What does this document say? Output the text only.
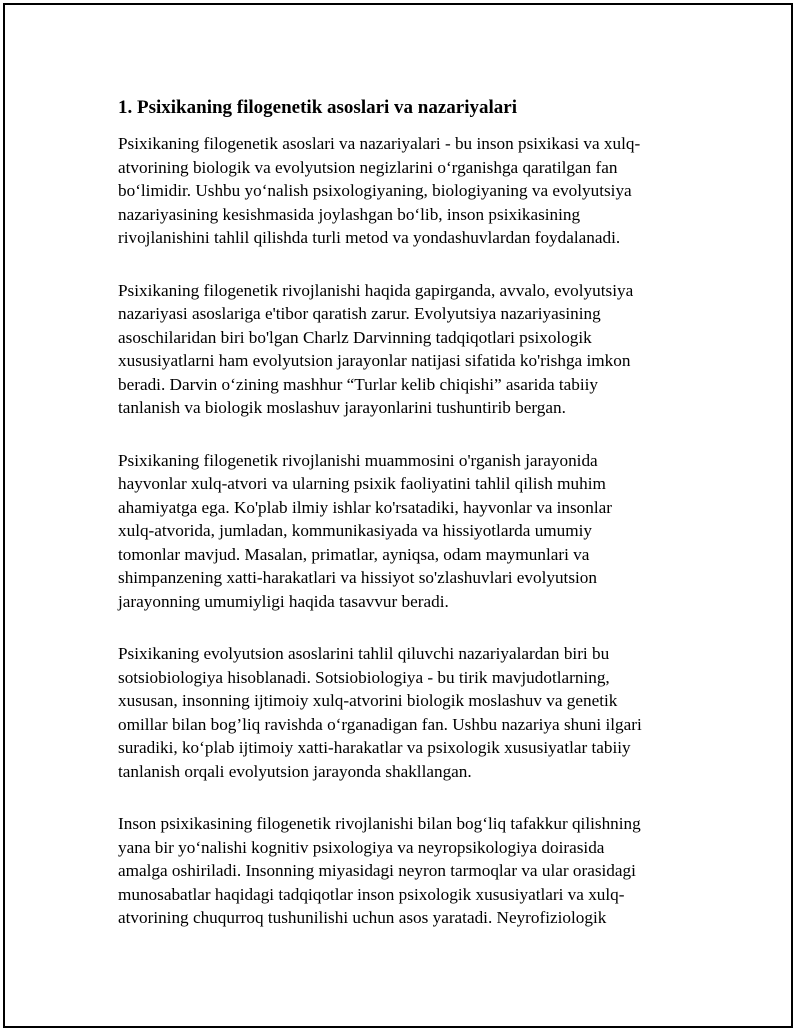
1. Psixikaning filogenetik asoslari va nazariyalari
Psixikaning filogenetik asoslari va nazariyalari - bu inson psixikasi va xulq-
atvorining biologik va evolyutsion negizlarini o‘rganishga qaratilgan fan
bo‘limidir. Ushbu yo‘nalish psixologiyaning, biologiyaning va evolyutsiya
nazariyasining kesishmasida joylashgan bo‘lib, inson psixikasining
rivojlanishini tahlil qilishda turli metod va yondashuvlardan foydalanadi.
Psixikaning filogenetik rivojlanishi haqida gapirganda, avvalo, evolyutsiya
nazariyasi asoslariga e'tibor qaratish zarur. Evolyutsiya nazariyasining
asoschilaridan biri bo'lgan Charlz Darvinning tadqiqotlari psixologik
xususiyatlarni ham evolyutsion jarayonlar natijasi sifatida ko'rishga imkon
beradi. Darvin o‘zining mashhur “Turlar kelib chiqishi” asarida tabiiy
tanlanish va biologik moslashuv jarayonlarini tushuntirib bergan.
Psixikaning filogenetik rivojlanishi muammosini o'rganish jarayonida
hayvonlar xulq-atvori va ularning psixik faoliyatini tahlil qilish muhim
ahamiyatga ega. Ko'plab ilmiy ishlar ko'rsatadiki, hayvonlar va insonlar
xulq-atvorida, jumladan, kommunikasiyada va hissiyotlarda umumiy
tomonlar mavjud. Masalan, primatlar, ayniqsa, odam maymunlari va
shimpanzening xatti-harakatlari va hissiyot so'zlashuvlari evolyutsion
jarayonning umumiyligi haqida tasavvur beradi.
Psixikaning evolyutsion asoslarini tahlil qiluvchi nazariyalardan biri bu
sotsiobiologiya hisoblanadi. Sotsiobiologiya - bu tirik mavjudotlarning,
xususan, insonning ijtimoiy xulq-atvorini biologik moslashuv va genetik
omillar bilan bog’liq ravishda o‘rganadigan fan. Ushbu nazariya shuni ilgari
suradiki, ko‘plab ijtimoiy xatti-harakatlar va psixologik xususiyatlar tabiiy
tanlanish orqali evolyutsion jarayonda shakllangan.
Inson psixikasining filogenetik rivojlanishi bilan bog‘liq tafakkur qilishning
yana bir yo‘nalishi kognitiv psixologiya va neyropsikologiya doirasida
amalga oshiriladi. Insonning miyasidagi neyron tarmoqlar va ular orasidagi
munosabatlar haqidagi tadqiqotlar inson psixologik xususiyatlari va xulq-
atvorining chuqurroq tushunilishi uchun asos yaratadi. Neyrofiziologik
